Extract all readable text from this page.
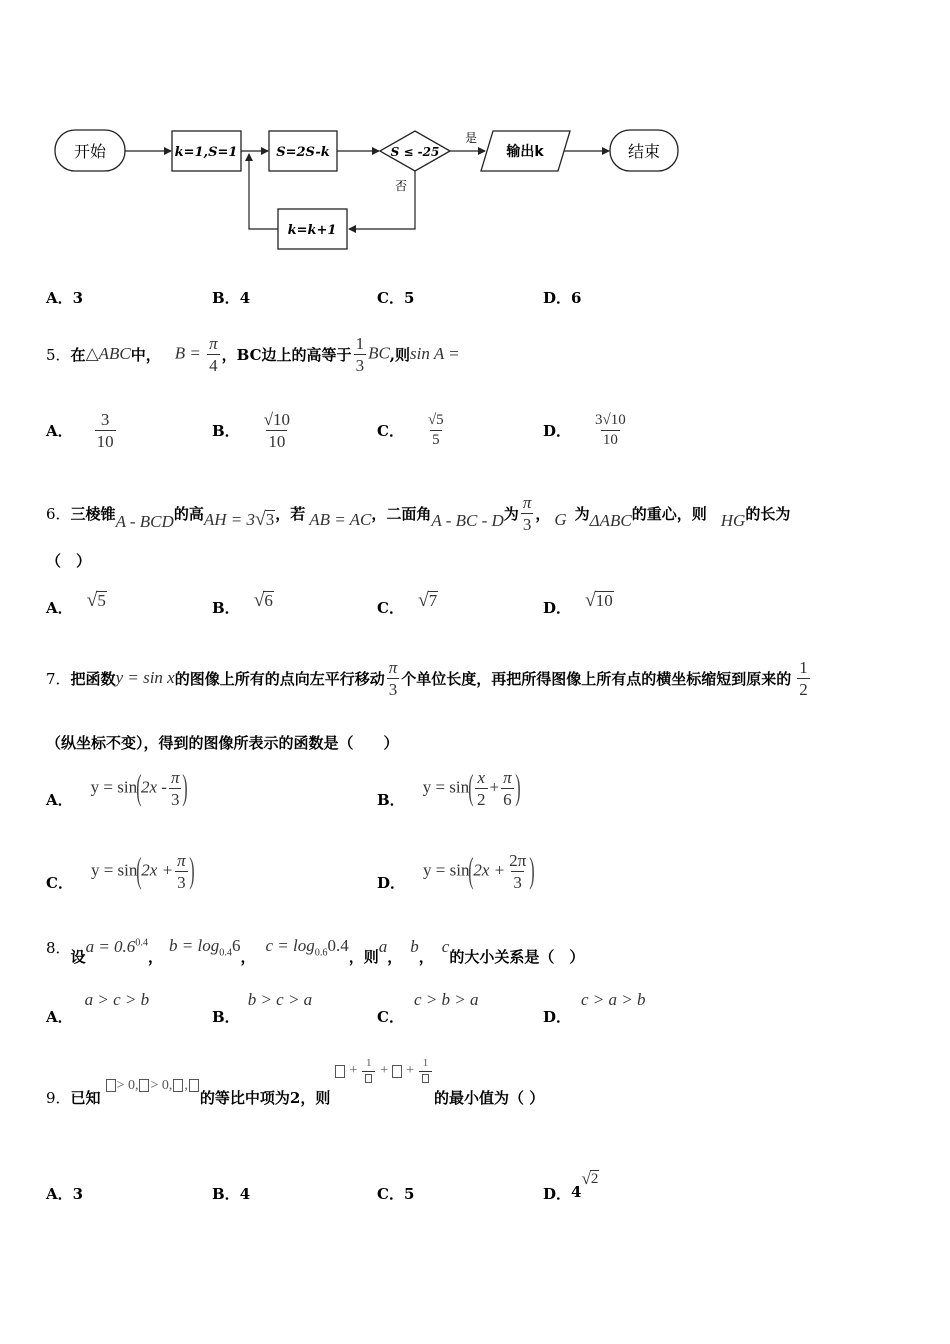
开始	k=1,S=1	S=2S-k	S ≤ -25
是
输出k	结束
否
k=k+1
A．3	B．4	C．5	D．6
5． 在 △ABC 中， $B = \frac{\pi}{4}$ ，BC边上的高等于 $\frac{1}{3}$ BC ,则 sin A =
A． $\frac{3}{10}$	B． $\frac{√10}{10}$	C． $\frac{√5}{5}$	D． $\frac{3√10}{10}$
6． 三棱锥 A - BCD 的高 AH = 3 √ 3 ，若 AB = AC ，二面角 A - BC - D 为 $\frac{\pi}{3}$ ， G 为 ΔABC 的重心，则 HG 的长为
（　）
A． √ 5	B． √ 6	C． √ 7	D． √ 10
7． 把函数 y = sin x 的图像上所有的点向左平行移动 $\frac{\pi}{3}$ 个单位长度，再把所得图像上所有点的横坐标缩短到原来的 $\frac{1}{2}$
（纵坐标不变），得到的图像所表示的函数是（　　）
A．
$y = \sin(2x - \frac{\pi}{3}$ )	B．
$y = \sin( \frac{x}{2} + \frac{\pi}{6}$ )
C．
$y = \sin(2x + \frac{\pi}{3}$ )	D．
$y = \sin(2x + \frac{2\pi}{3}$ )
8． 设
$a = 0.6^{0.4}$
，
$b = \log_{0.4}6$
，
$c = \log_{0.6}0.4$
，则
a
，
b
，
c
的大小关系是（　）
A．
a > c > b
B．
b > c > a
C．
c > b > a
D．
c > a > b
9． 已知
> 0, > 0, ,
的等比中项为2，则
+
1
+ +
1
的最小值为（ ）
A．3	B．4	C．5	D． 4
√ 2
